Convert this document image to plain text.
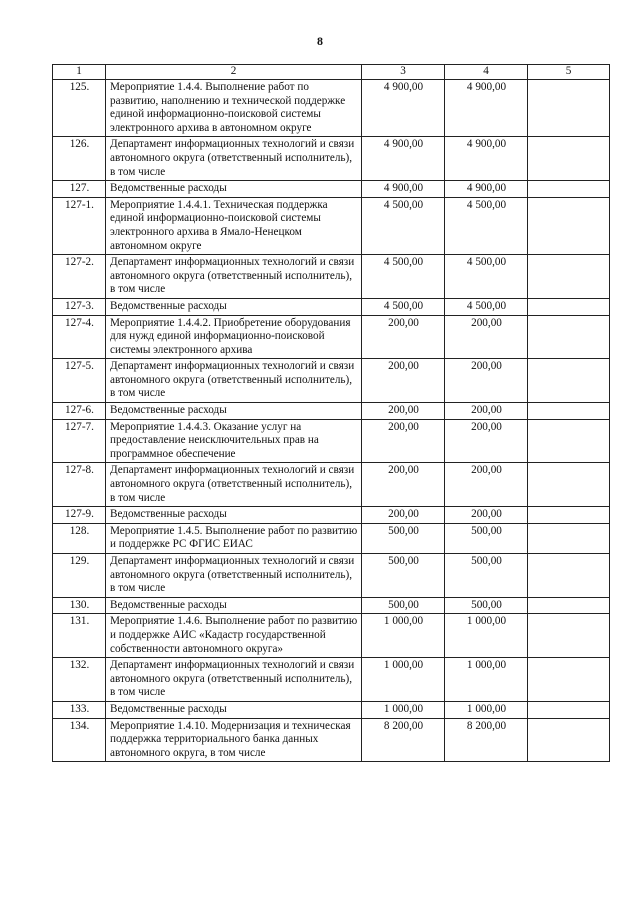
8
1	2	3	4	5
125.	Мероприятие 1.4.4. Выполнение работ по развитию, наполнению и технической поддержке единой информационно-поисковой системы электронного архива в автономном округе	4 900,00	4 900,00	
126.	Департамент информационных технологий и связи автономного округа (ответственный исполнитель), в том числе	4 900,00	4 900,00	
127.	Ведомственные расходы	4 900,00	4 900,00	
127-1.	Мероприятие 1.4.4.1. Техническая поддержка единой информационно-поисковой системы электронного архива в Ямало-Ненецком автономном округе	4 500,00	4 500,00	
127-2.	Департамент информационных технологий и связи автономного округа (ответственный исполнитель), в том числе	4 500,00	4 500,00	
127-3.	Ведомственные расходы	4 500,00	4 500,00	
127-4.	Мероприятие 1.4.4.2. Приобретение оборудования для нужд единой информационно-поисковой системы электронного архива	200,00	200,00	
127-5.	Департамент информационных технологий и связи автономного округа (ответственный исполнитель), в том числе	200,00	200,00	
127-6.	Ведомственные расходы	200,00	200,00	
127-7.	Мероприятие 1.4.4.3. Оказание услуг на предоставление неисключительных прав на программное обеспечение	200,00	200,00	
127-8.	Департамент информационных технологий и связи автономного округа (ответственный исполнитель), в том числе	200,00	200,00	
127-9.	Ведомственные расходы	200,00	200,00	
128.	Мероприятие 1.4.5. Выполнение работ по развитию и поддержке РС ФГИС ЕИАС	500,00	500,00	
129.	Департамент информационных технологий и связи автономного округа (ответственный исполнитель), в том числе	500,00	500,00	
130.	Ведомственные расходы	500,00	500,00	
131.	Мероприятие 1.4.6. Выполнение работ по развитию и поддержке АИС «Кадастр государственной собственности автономного округа»	1 000,00	1 000,00	
132.	Департамент информационных технологий и связи автономного округа (ответственный исполнитель), в том числе	1 000,00	1 000,00	
133.	Ведомственные расходы	1 000,00	1 000,00	
134.	Мероприятие 1.4.10. Модернизация и техническая поддержка территориального банка данных автономного округа, в том числе	8 200,00	8 200,00	
